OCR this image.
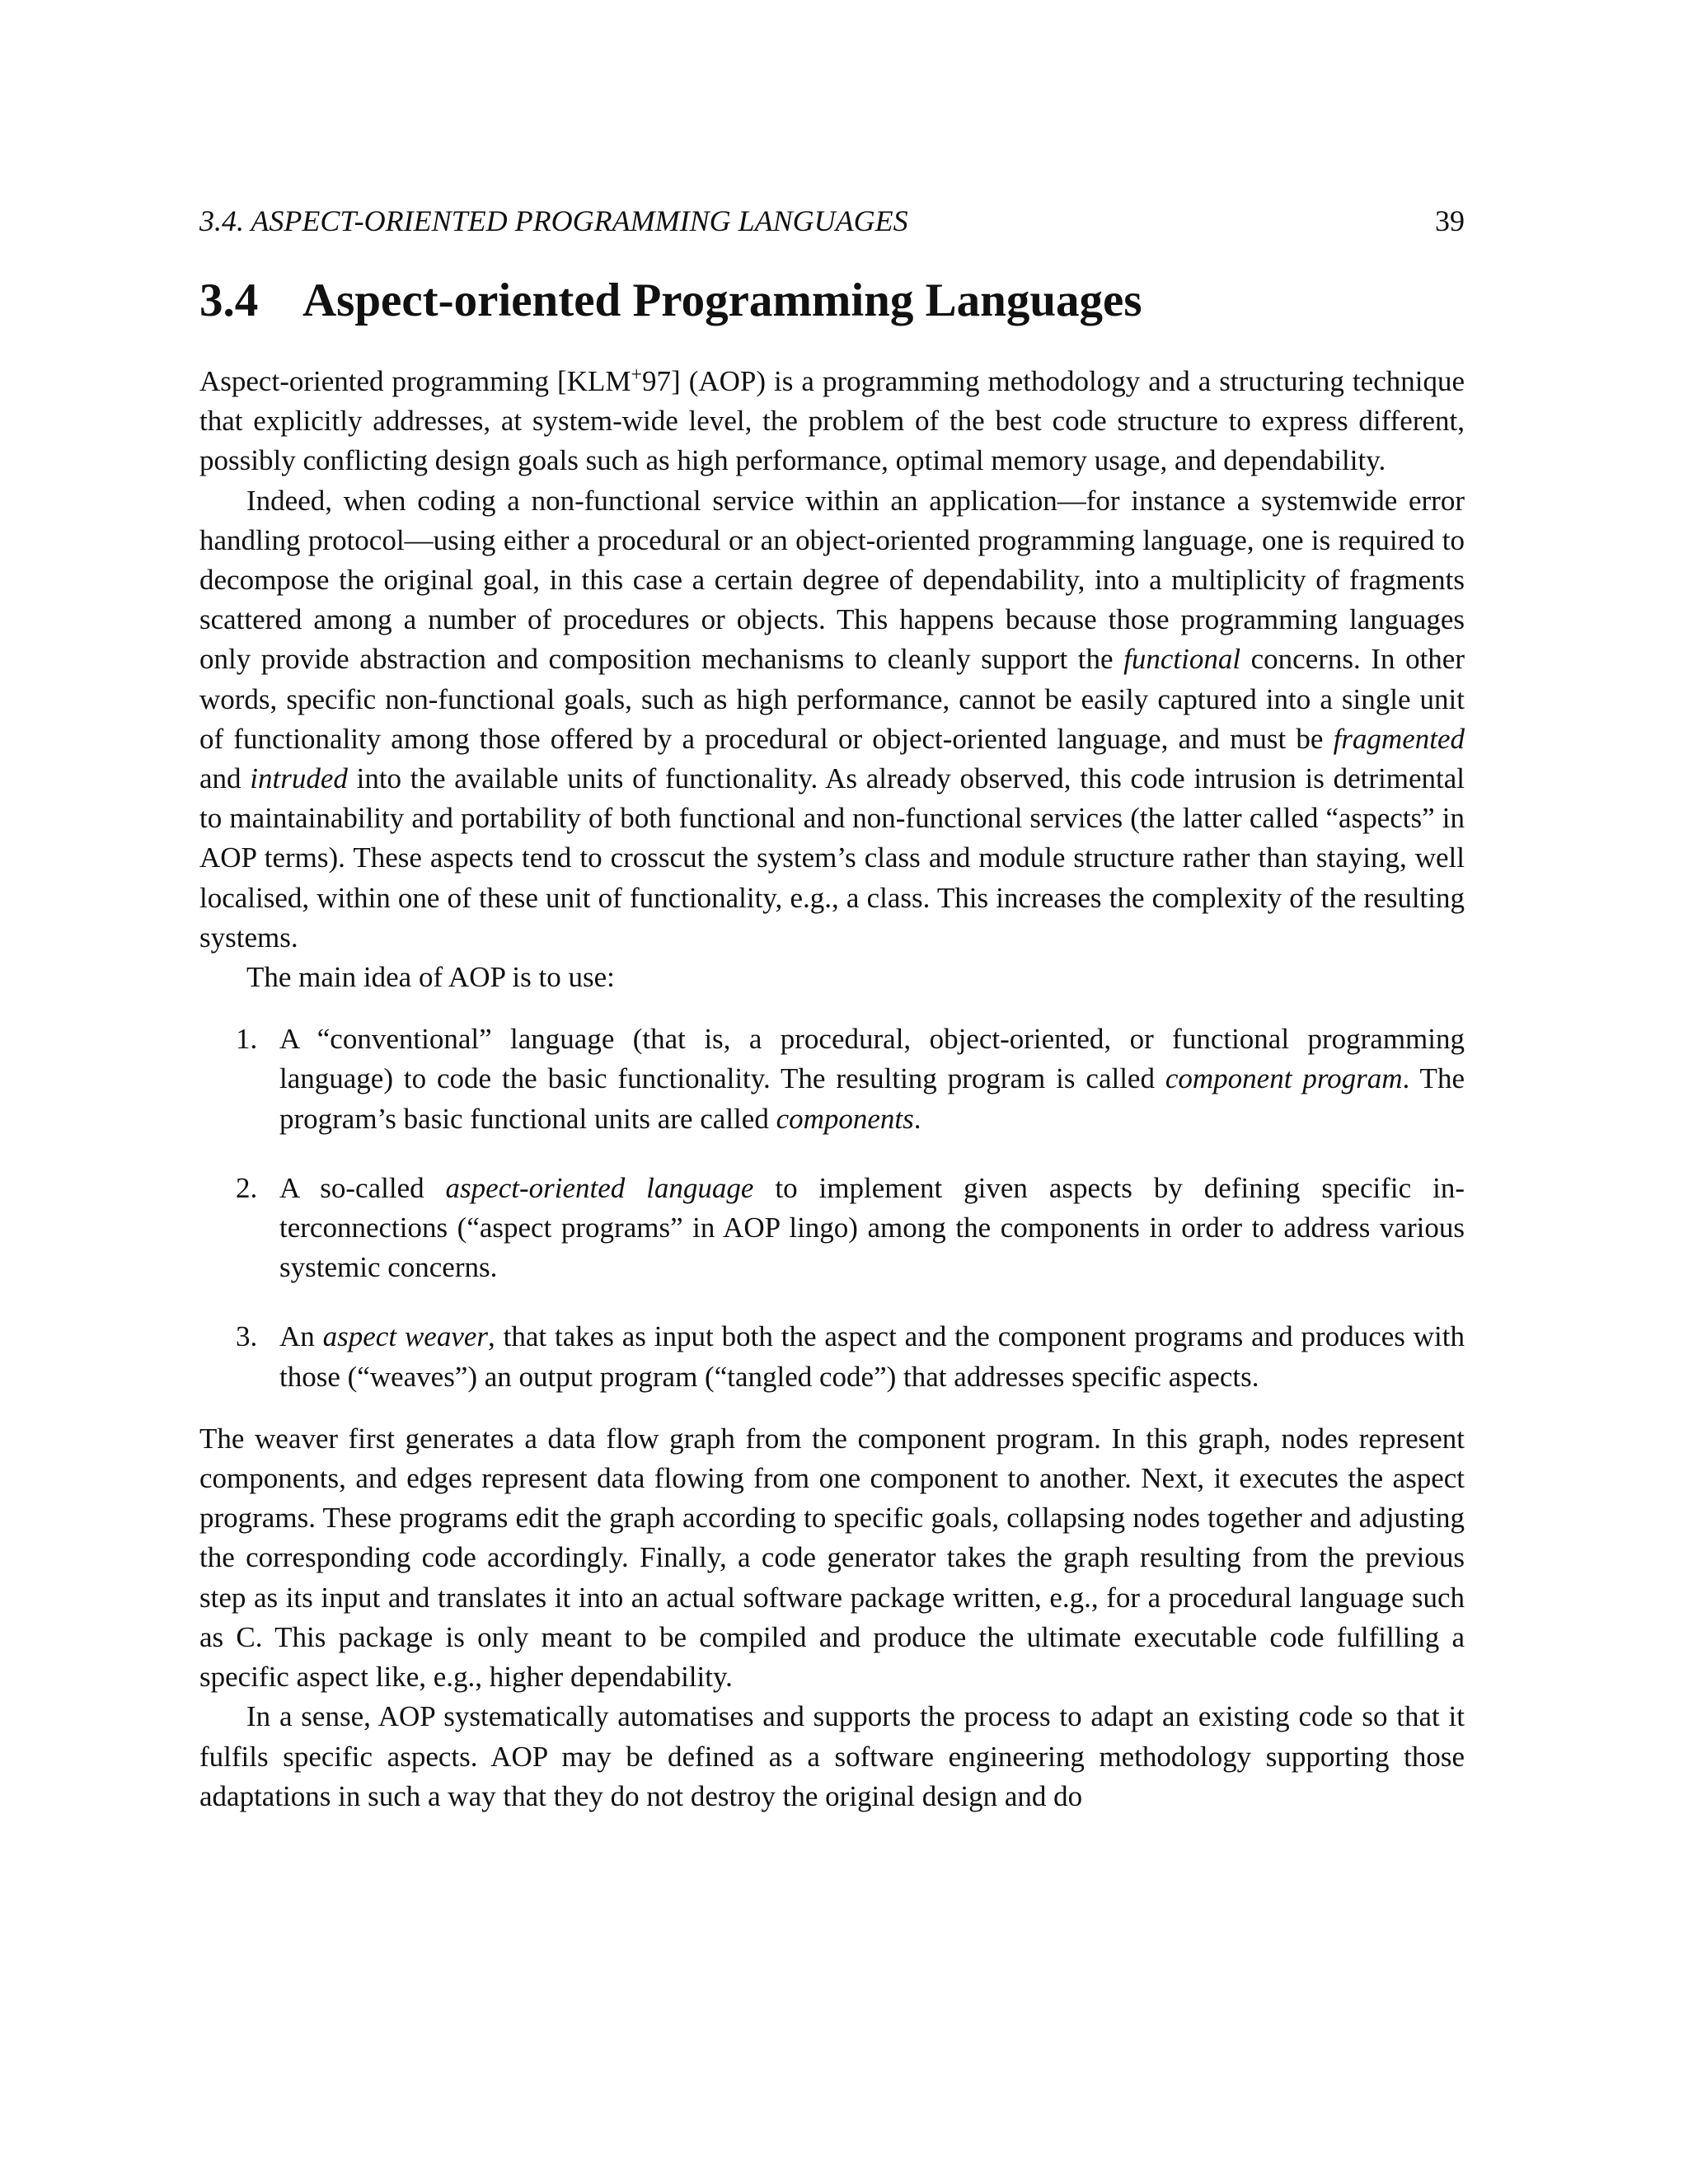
3.4. ASPECT-ORIENTED PROGRAMMING LANGUAGES	39
3.4 Aspect-oriented Programming Languages

Aspect-oriented programming [KLM+97] (AOP) is a programming methodology and a structuring technique that explicitly addresses, at system-wide level, the problem of the best code structure to express different, possibly conflicting design goals such as high performance, optimal memory usage, and dependability.

Indeed, when coding a non-functional service within an application—for instance a systemwide error handling protocol—using either a procedural or an object-oriented programming language, one is required to decompose the original goal, in this case a certain degree of dependability, into a multiplicity of fragments scattered among a number of procedures or objects. This happens because those programming languages only provide abstraction and composition mechanisms to cleanly support the functional concerns. In other words, specific non-functional goals, such as high performance, cannot be easily captured into a single unit of functionality among those offered by a procedural or object-oriented language, and must be fragmented and intruded into the available units of functionality. As already observed, this code intrusion is detrimental to maintainability and portability of both functional and non-functional services (the latter called “aspects” in AOP terms). These aspects tend to crosscut the system’s class and module structure rather than staying, well localised, within one of these unit of functionality, e.g., a class. This increases the complexity of the resulting systems.

The main idea of AOP is to use:

1. A “conventional” language (that is, a procedural, object-oriented, or functional programming language) to code the basic functionality. The resulting program is called component program. The program’s basic functional units are called components.
2. A so-called aspect-oriented language to implement given aspects by defining specific interconnections (“aspect programs” in AOP lingo) among the components in order to address various systemic concerns.
3. An aspect weaver, that takes as input both the aspect and the component programs and produces with those (“weaves”) an output program (“tangled code”) that addresses specific aspects.

The weaver first generates a data flow graph from the component program. In this graph, nodes represent components, and edges represent data flowing from one component to another. Next, it executes the aspect programs. These programs edit the graph according to specific goals, collapsing nodes together and adjusting the corresponding code accordingly. Finally, a code generator takes the graph resulting from the previous step as its input and translates it into an actual software package written, e.g., for a procedural language such as C. This package is only meant to be compiled and produce the ultimate executable code fulfilling a specific aspect like, e.g., higher dependability.

In a sense, AOP systematically automatises and supports the process to adapt an existing code so that it fulfils specific aspects. AOP may be defined as a software engineering methodology supporting those adaptations in such a way that they do not destroy the original design and do
